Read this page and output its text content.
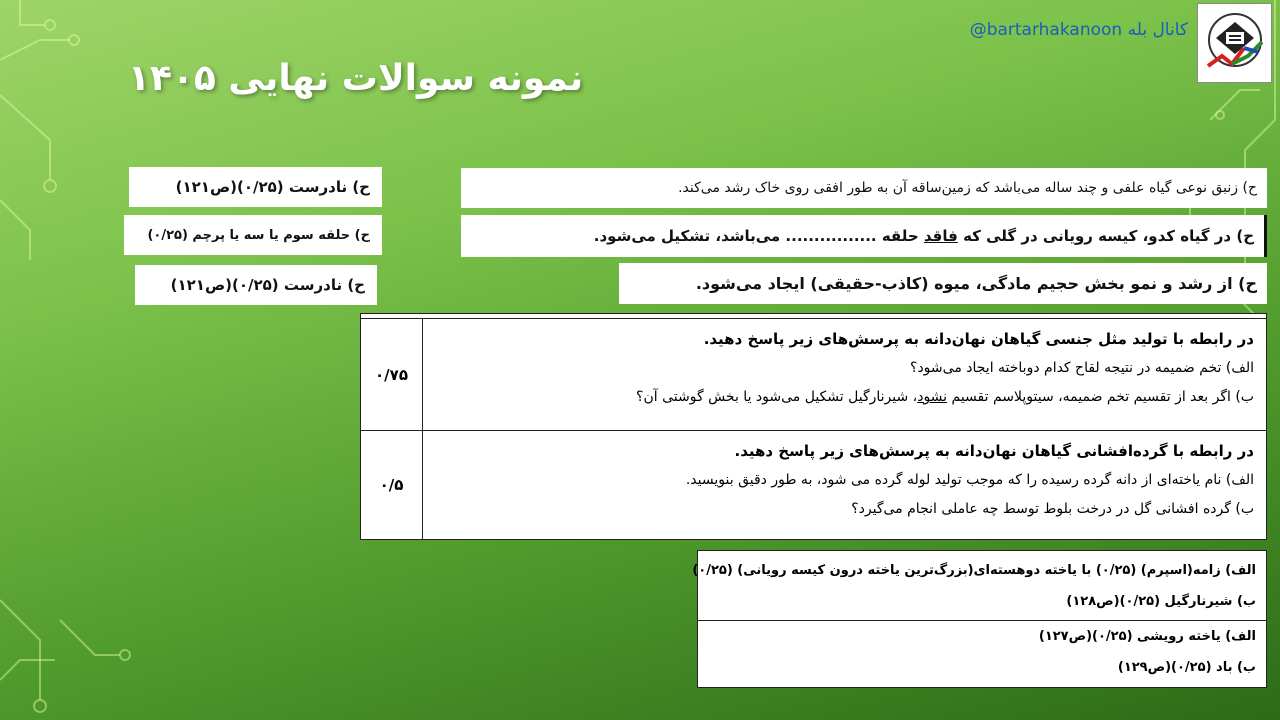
نمونه سوالات نهایی ۱۴۰۵
@bartarhakanoon کانال بله
ح) نادرست (۰/۲۵)(ص۱۲۱)
ح) حلقه سوم یا سه یا پرچم (۰/۲۵)
ح) نادرست (۰/۲۵)(ص۱۲۱)
ح) زنبق نوعی گیاه علفی و چند ساله می‌باشد که زمین‌ساقه آن به طور افقی روی خاک رشد می‌کند.
ح) در گیاه کدو، کیسه رویانی در گلی که فاقد حلقه ................ می‌باشد، تشکیل می‌شود.
ح) از رشد و نمو بخش حجیم مادگی، میوه (کاذب-حقیقی) ایجاد می‌شود.
در رابطه با تولید مثل جنسی گیاهان نهان‌دانه به پرسش‌های زیر پاسخ دهید.
الف) تخم ضمیمه در نتیجه لقاح کدام دوباخته ایجاد می‌شود؟
ب) اگر بعد از تقسیم تخم ضمیمه، سیتوپلاسم تقسیم نشود، شیرنارگیل تشکیل می‌شود یا بخش گوشتی آن؟
۰/۷۵
در رابطه با گرده‌افشانی گیاهان نهان‌دانه به پرسش‌های زیر پاسخ دهید.
الف) نام یاخته‌ای از دانه گرده رسیده را که موجب تولید لوله گرده می شود، به طور دقیق بنویسید.
ب) گرده افشانی گل در درخت بلوط توسط چه عاملی انجام می‌گیرد؟
۰/۵
الف) زامه(اسپرم) (۰/۲۵) با یاخته دوهسته‌ای(بزرگ‌ترین یاخته درون کیسه رویانی) (۰/۲۵)
ب) شیرنارگیل (۰/۲۵)(ص۱۲۸)
الف) یاخته رویشی (۰/۲۵)(ص۱۲۷)
ب) باد (۰/۲۵)(ص۱۲۹)
